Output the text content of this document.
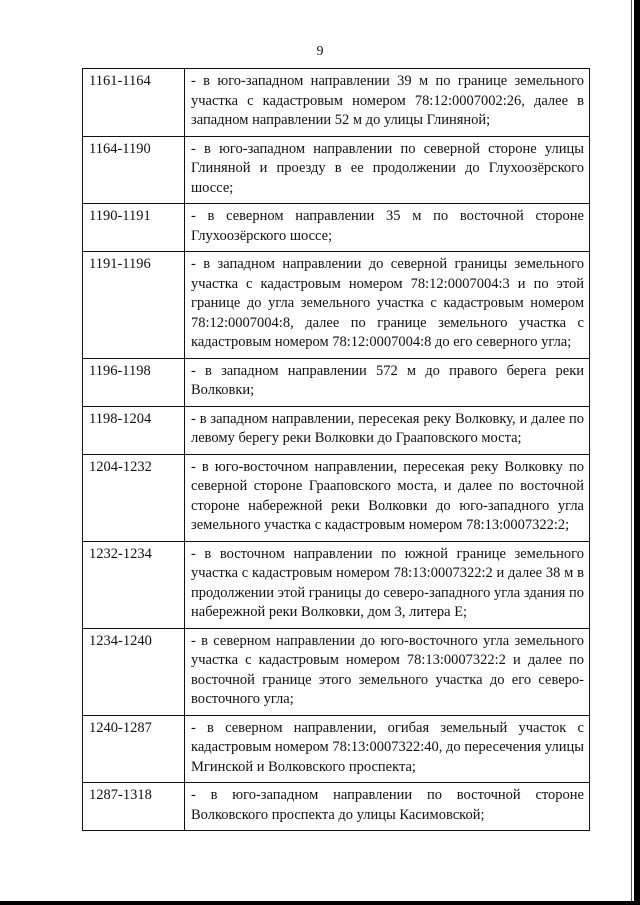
9
1161-1164	- в юго-западном направлении 39 м по границе земельного участка с кадастровым номером 78:12:0007002:26, далее в западном направлении 52 м до улицы Глиняной;
1164-1190	- в юго-западном направлении по северной стороне улицы Глиняной и проезду в ее продолжении до Глухоозёрского шоссе;
1190-1191	- в северном направлении 35 м по восточной стороне Глухоозёрского шоссе;
1191-1196	- в западном направлении до северной границы земельного участка с кадастровым номером 78:12:0007004:3 и по этой границе до угла земельного участка с кадастровым номером 78:12:0007004:8, далее по границе земельного участка с кадастровым номером 78:12:0007004:8 до его северного угла;
1196-1198	- в западном направлении 572 м до правого берега реки Волковки;
1198-1204	- в западном направлении, пересекая реку Волковку, и далее по левому берегу реки Волковки до Грааповского моста;
1204-1232	- в юго-восточном направлении, пересекая реку Волковку по северной стороне Грааповского моста, и далее по восточной стороне набережной реки Волковки до юго-западного угла земельного участка с кадастровым номером 78:13:0007322:2;
1232-1234	- в восточном направлении по южной границе земельного участка с кадастровым номером 78:13:0007322:2 и далее 38 м в продолжении этой границы до северо-западного угла здания по набережной реки Волковки, дом 3, литера Е;
1234-1240	- в северном направлении до юго-восточного угла земельного участка с кадастровым номером 78:13:0007322:2 и далее по восточной границе этого земельного участка до его северо-восточного угла;
1240-1287	- в северном направлении, огибая земельный участок с кадастровым номером 78:13:0007322:40, до пересечения улицы Мгинской и Волковского проспекта;
1287-1318	- в юго-западном направлении по восточной стороне Волковского проспекта до улицы Касимовской;
